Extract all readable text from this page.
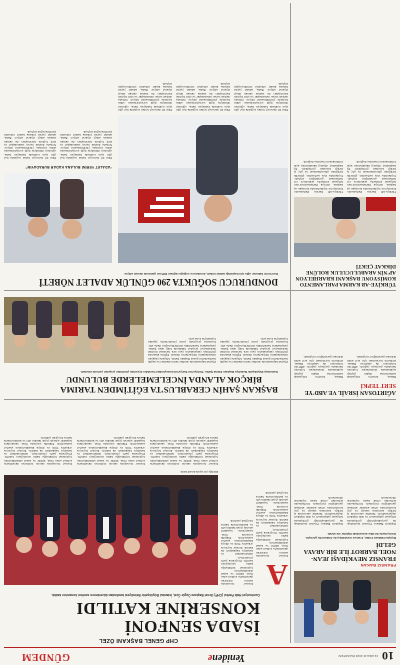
10
19 ARALIK 2022 PAZARTESİ
Yenidene
GÜNDEM
FRANSIZ BAKAN
FRANSIZ MEVKİDAŞI JEAN-NOEL BARROT İLE BİR ARAYA GELDİ
Dışişleri Bakanı Fidan, Fransız mevkidaşı ile Ankara'da görüştü. Görüşmede iki ülke arasındaki ilişkiler ele alındı.
Dışişleri Bakanı, Fransız mevkidaşı ile gerçekleştirdiği görüşmede bölgesel gelişmeleri ve ikili ilişkileri değerlendirdi. Taraflar ekonomik iş birliği, savunma sanayi ve göç konularında ortak adımlar atılması gerektiğini vurguladı. Görüşmenin ardından ortak basın toplantısı düzenlendi.
Dışişleri Bakanı, Fransız mevkidaşı ile gerçekleştirdiği görüşmede bölgesel gelişmeleri ve ikili ilişkileri değerlendirdi. Taraflar ekonomik iş birliği, savunma sanayi ve göç konularında ortak adımlar atılması gerektiğini vurguladı. Görüşmenin ardından ortak basın toplantısı düzenlendi.
CHP GENEL BAŞKANI ÖZEL
İSADA SENFONİ
KONSERİNE KATILDI
Cumhuriyet Halk Partisi (CHP) Genel Başkanı Özgür Özel, İstanbul Büyükşehir Belediyesi tarafından düzenlenen senfoni konserine katıldı.
A
Etkinliğe çok sayıda davetli katıldı.
Konser öncesinde salonu dolduran davetlilerle sohbet eden Özel, kültür ve sanat etkinliklerinin toplumsal birlikteliğe katkı sunduğunu belirtti. Programa parti yöneticileri, milletvekilleri ve belediye başkanları da katıldı. Konser boyunca orkestra Türk ve dünya klasiklerinden eserler seslendirdi. Etkinlik sonunda Özel, sanatçılara teşekkür ederek çiçek takdim etti ve katılımcılarla hatıra fotoğrafı çektirdi.
Konser öncesinde salonu dolduran davetlilerle sohbet eden Özel, kültür ve sanat etkinliklerinin toplumsal birlikteliğe katkı sunduğunu belirtti. Programa parti yöneticileri, milletvekilleri ve belediye başkanları da katıldı. Konser boyunca orkestra Türk ve dünya klasiklerinden eserler seslendirdi. Etkinlik sonunda Özel, sanatçılara teşekkür ederek çiçek takdim etti ve katılımcılarla hatıra fotoğrafı çektirdi.
Konser öncesinde salonu dolduran davetlilerle sohbet eden Özel, kültür ve sanat etkinliklerinin toplumsal birlikteliğe katkı sunduğunu belirtti. Programa parti yöneticileri, milletvekilleri ve belediye başkanları da katıldı. Konser boyunca orkestra Türk ve dünya klasiklerinden eserler seslendirdi. Etkinlik sonunda Özel, sanatçılara teşekkür ederek çiçek takdim etti ve katılımcılarla hatıra fotoğrafı çektirdi.
Konser öncesinde salonu dolduran davetlilerle sohbet eden Özel, kültür ve sanat etkinliklerinin toplumsal birlikteliğe katkı sunduğunu belirtti. Programa parti yöneticileri, milletvekilleri ve belediye başkanları da katıldı. Konser boyunca orkestra Türk ve dünya klasiklerinden eserler seslendirdi. Etkinlik sonunda Özel, sanatçılara teşekkür ederek çiçek takdim etti ve katılımcılarla hatıra fotoğrafı çektirdi.
Konser öncesinde salonu dolduran davetlilerle sohbet eden Özel, kültür ve sanat etkinliklerinin toplumsal birlikteliğe katkı sunduğunu belirtti. Programa parti yöneticileri, milletvekilleri ve belediye başkanları da katıldı. Konser boyunca orkestra Türk ve dünya klasiklerinden eserler seslendirdi. Etkinlik sonunda Özel, sanatçılara teşekkür ederek çiçek takdim etti ve katılımcılarla hatıra fotoğrafı çektirdi.
AĞIRTOSAN İSRAİL VE ABD'YE
SERT TEPKİ
Bakan, İsrail'in bölgedeki saldırılarına ilişkin yaptığı açıklamada uluslararası toplumu harekete geçmeye çağırdı. ABD'nin tutumunu da eleştiren Bakan, sivillerin korunması için acil adım atılması gerektiğini vurguladı.
Bakan, İsrail'in bölgedeki saldırılarına ilişkin yaptığı açıklamada uluslararası toplumu harekete geçmeye çağırdı. ABD'nin tutumunu da eleştiren Bakan, sivillerin korunması için acil adım atılması gerektiğini vurguladı.
BAŞKAN ŞAHİN CERABLUS'TA EĞİTİMDEN TARIMA
BİRÇOK ALANDA İNCELEMELERDE BULUNDU
Gaziantep Büyükşehir Belediye Başkanı Fatma Şahin, Türkiye'nin Suriye'nin kuzeyindeki Cerablus ilçesinde yürütülen projeleri yerinde inceledi.
Ziyaret kapsamında okullar, tarım alanları ve sağlık merkezlerini gezen Başkan Şahin, bölgede yaşayan vatandaşların ihtiyaçlarını dinledi. Eğitim alanında yürütülen çalışmaların yanı sıra tarımsal üretimi destekleyen projeler hakkında bilgi alan Şahin, çalışmaların kararlılıkla sürdürüleceğini ifade etti. İnceleme programı yerel yöneticilerle yapılan toplantıyla sona erdi.
Ziyaret kapsamında okullar, tarım alanları ve sağlık merkezlerini gezen Başkan Şahin, bölgede yaşayan vatandaşların ihtiyaçlarını dinledi. Eğitim alanında yürütülen çalışmaların yanı sıra tarımsal üretimi destekleyen projeler hakkında bilgi alan Şahin, çalışmaların kararlılıkla sürdürüleceğini ifade etti. İnceleme programı yerel yöneticilerle yapılan toplantıyla sona erdi.
TÜRKİYE-AB KARMA PARLAMENTO
KOMİSYONU BAŞKANI KRARHELYON
AP'NİN ARABULUCULUK ROLÜNE DİKKAT ÇEKTİ
Türkiye-AB Karma Parlamento Komisyonu toplantısında konuşan eş başkan, Avrupa Parlamentosu'nun bölgesel krizlerde arabulucu rol üstlenmesi gerektiğini söyledi. Toplantıda vize serbestisi, gümrük birliğinin güncellenmesi ve göç iş birliği konuları görüşüldü. Eş başkanlar, diyalog kanallarının açık tutulmasının önemine değindi.
Türkiye-AB Karma Parlamento Komisyonu toplantısında konuşan eş başkan, Avrupa Parlamentosu'nun bölgesel krizlerde arabulucu rol üstlenmesi gerektiğini söyledi. Toplantıda vize serbestisi, gümrük birliğinin güncellenmesi ve göç iş birliği konuları görüşüldü. Eş başkanlar, diyalog kanallarının açık tutulmasının önemine değindi.
DONDURUCU SOĞUKTA 290 GÜNLÜK ADALET NÖBETİ
Kars'ta bir babanın oğlu için başlattığı adalet nöbeti, dondurucu soğuğa rağmen 290'ıncı gününde devam ediyor.
“ADALET YERİNİ BULANA KADAR BURADAYIM”
Eksi 20 dereceyi bulan soğukta her gün aynı noktada bekleyen baba, oğlunun ölümüyle ilgili soruşturmanın etkin biçimde yürütülmesini istiyor. Nöbete destek veren vatandaşlar ve sivil toplum kuruluşları da zaman zaman aileyi ziyaret ediyor. Baba, adalet yerini bulana kadar nöbetini sürdüreceğini söyledi.
Eksi 20 dereceyi bulan soğukta her gün aynı noktada bekleyen baba, oğlunun ölümüyle ilgili soruşturmanın etkin biçimde yürütülmesini istiyor. Nöbete destek veren vatandaşlar ve sivil toplum kuruluşları da zaman zaman aileyi ziyaret ediyor. Baba, adalet yerini bulana kadar nöbetini sürdüreceğini söyledi.
Eksi 20 dereceyi bulan soğukta her gün aynı noktada bekleyen baba, oğlunun ölümüyle ilgili soruşturmanın etkin biçimde yürütülmesini istiyor. Nöbete destek veren vatandaşlar ve sivil toplum kuruluşları da zaman zaman aileyi ziyaret ediyor. Baba, adalet yerini bulana kadar nöbetini sürdüreceğini söyledi.
Eksi 20 dereceyi bulan soğukta her gün aynı noktada bekleyen baba, oğlunun ölümüyle ilgili soruşturmanın etkin biçimde yürütülmesini istiyor. Nöbete destek veren vatandaşlar ve sivil toplum kuruluşları da zaman zaman aileyi ziyaret ediyor. Baba, adalet yerini bulana kadar nöbetini sürdüreceğini söyledi.
Eksi 20 dereceyi bulan soğukta her gün aynı noktada bekleyen baba, oğlunun ölümüyle ilgili soruşturmanın etkin biçimde yürütülmesini istiyor. Nöbete destek veren vatandaşlar ve sivil toplum kuruluşları da zaman zaman aileyi ziyaret ediyor. Baba, adalet yerini bulana kadar nöbetini sürdüreceğini söyledi.
